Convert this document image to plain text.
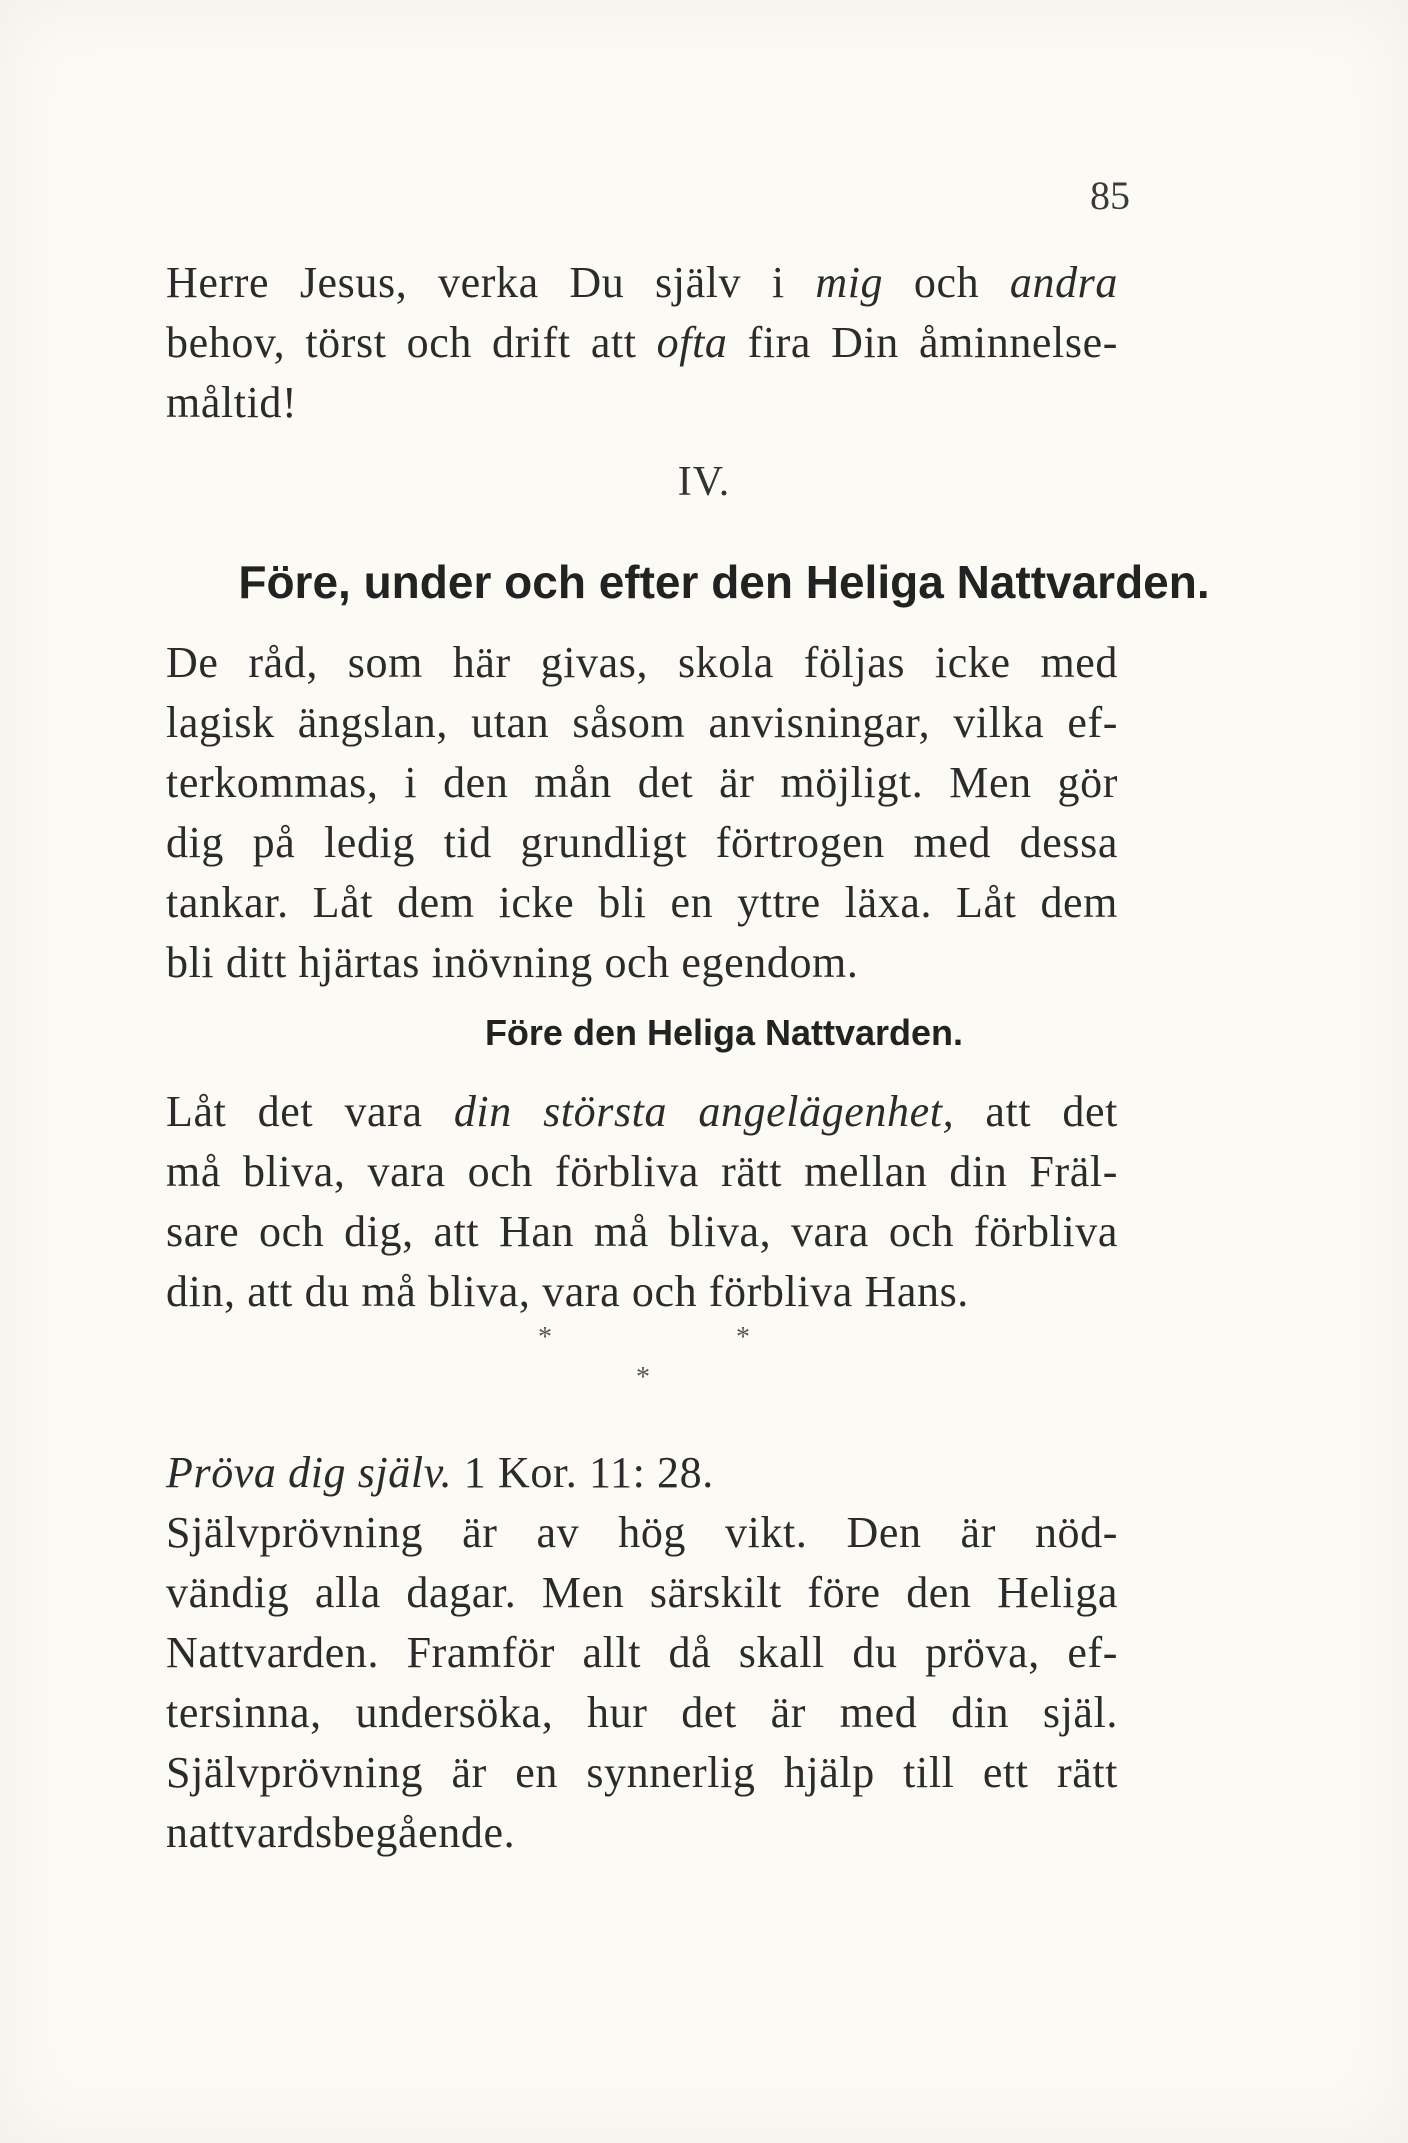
85
Herre Jesus, verka Du själv i mig och andra
behov, törst och drift att ofta fira Din åminnelse-
måltid!
IV.
Före, under och efter den Heliga Nattvarden.
De råd, som här givas, skola följas icke med
lagisk ängslan, utan såsom anvisningar, vilka ef-
terkommas, i den mån det är möjligt. Men gör
dig på ledig tid grundligt förtrogen med dessa
tankar. Låt dem icke bli en yttre läxa. Låt dem
bli ditt hjärtas inövning och egendom.
Före den Heliga Nattvarden.
Låt det vara din största angelägenhet, att det
må bliva, vara och förbliva rätt mellan din Fräl-
sare och dig, att Han må bliva, vara och förbliva
din, att du må bliva, vara och förbliva Hans.
*	*
*
Pröva dig själv. 1 Kor. 11: 28.
Självprövning är av hög vikt. Den är nöd-
vändig alla dagar. Men särskilt före den Heliga
Nattvarden. Framför allt då skall du pröva, ef-
tersinna, undersöka, hur det är med din själ.
Självprövning är en synnerlig hjälp till ett rätt
nattvardsbegående.
